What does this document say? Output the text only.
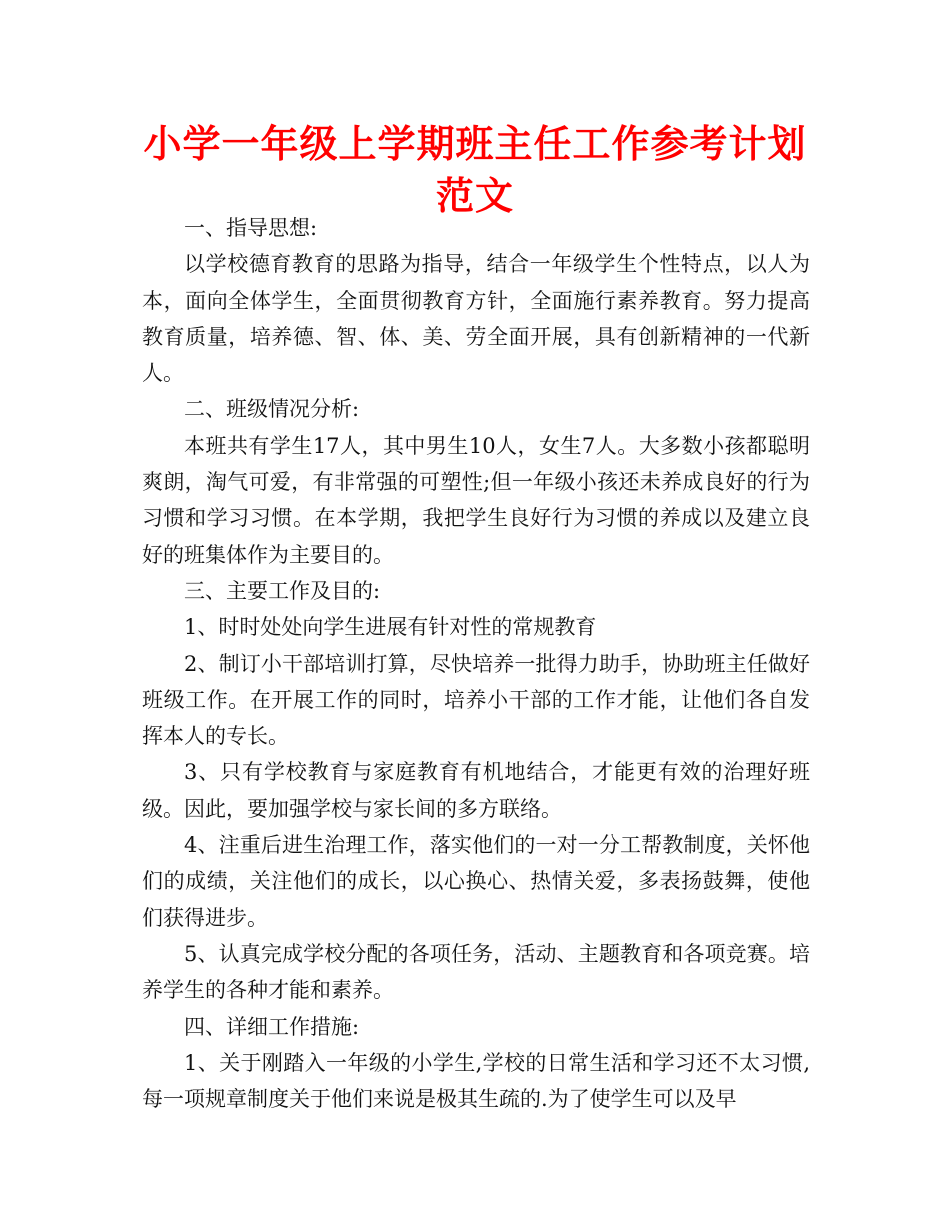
小学一年级上学期班主任工作参考计划范文

一、指导思想:

以学校德育教育的思路为指导，结合一年级学生个性特点，以人为本，面向全体学生，全面贯彻教育方针，全面施行素养教育。努力提高教育质量，培养德、智、体、美、劳全面开展，具有创新精神的一代新人。

二、班级情况分析:

本班共有学生17人，其中男生10人，女生7人。大多数小孩都聪明爽朗，淘气可爱，有非常强的可塑性;但一年级小孩还未养成良好的行为习惯和学习习惯。在本学期，我把学生良好行为习惯的养成以及建立良好的班集体作为主要目的。

三、主要工作及目的:

1、时时处处向学生进展有针对性的常规教育

2、制订小干部培训打算，尽快培养一批得力助手，协助班主任做好班级工作。在开展工作的同时，培养小干部的工作才能，让他们各自发挥本人的专长。

3、只有学校教育与家庭教育有机地结合，才能更有效的治理好班级。因此，要加强学校与家长间的多方联络。

4、注重后进生治理工作，落实他们的一对一分工帮教制度，关怀他们的成绩，关注他们的成长，以心换心、热情关爱，多表扬鼓舞，使他们获得进步。

5、认真完成学校分配的各项任务，活动、主题教育和各项竞赛。培养学生的各种才能和素养。

四、详细工作措施:

1、关于刚踏入一年级的小学生,学校的日常生活和学习还不太习惯,每一项规章制度关于他们来说是极其生疏的.为了使学生可以及早
